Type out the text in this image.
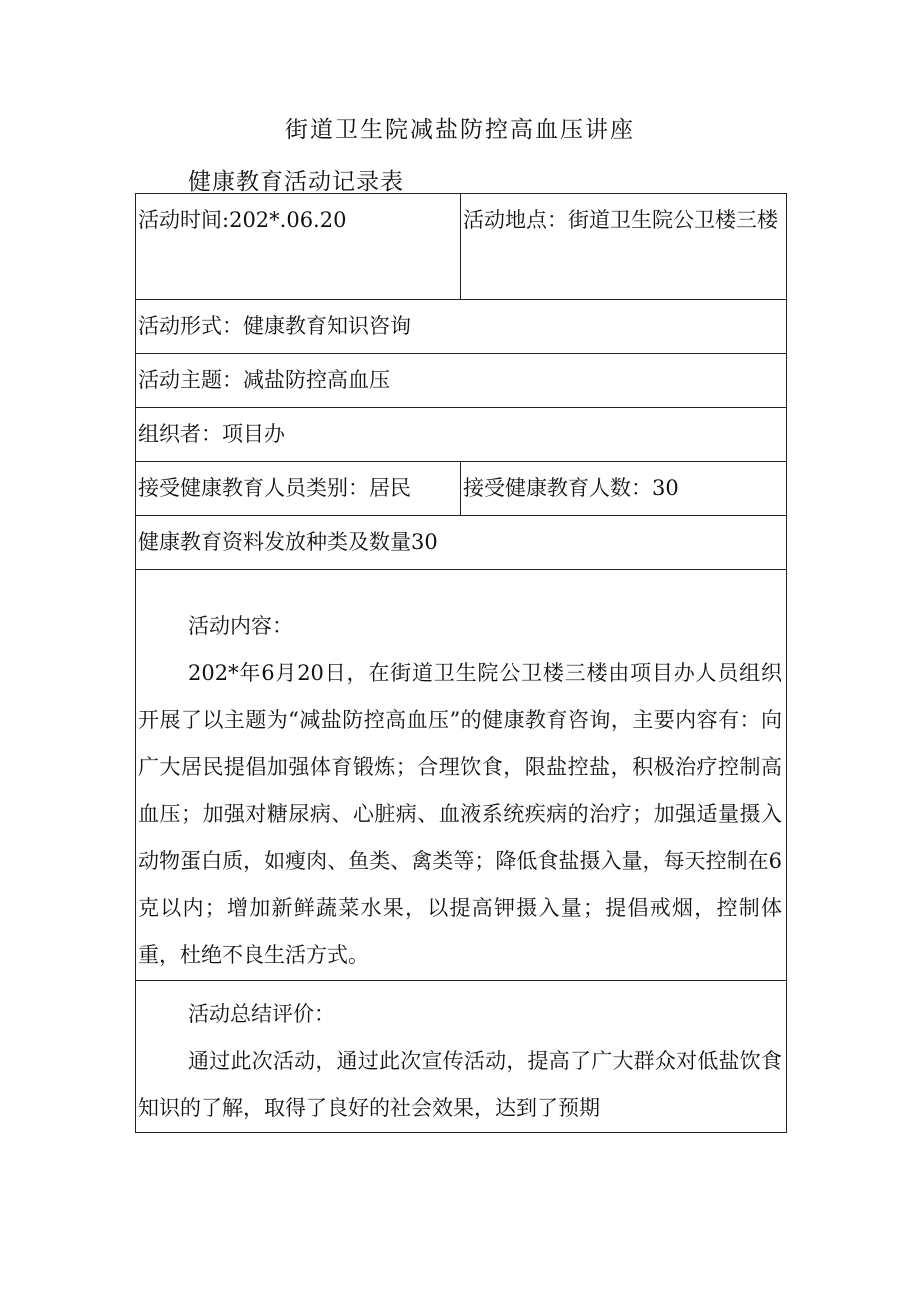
街道卫生院减盐防控高血压讲座
健康教育活动记录表
活动时间:202*.06.20	活动地点：街道卫生院公卫楼三楼
活动形式：健康教育知识咨询	
活动主题：减盐防控高血压	
组织者：项目办	
接受健康教育人员类别：居民	接受健康教育人数：30
健康教育资料发放种类及数量30	

活动内容：
202*年6月20日，在街道卫生院公卫楼三楼由项目办人员组织开展了以主题为“减盐防控高血压”的健康教育咨询，主要内容有：向广大居民提倡加强体育锻炼；合理饮食，限盐控盐，积极治疗控制高血压；加强对糖尿病、心脏病、血液系统疾病的治疗；加强适量摄入动物蛋白质，如瘦肉、鱼类、禽类等；降低食盐摄入量，每天控制在6克以内；增加新鲜蔬菜水果，以提高钾摄入量；提倡戒烟，控制体重，杜绝不良生活方式。	

活动总结评价：
通过此次活动，通过此次宣传活动，提高了广大群众对低盐饮食知识的了解，取得了良好的社会效果，达到了预期	
